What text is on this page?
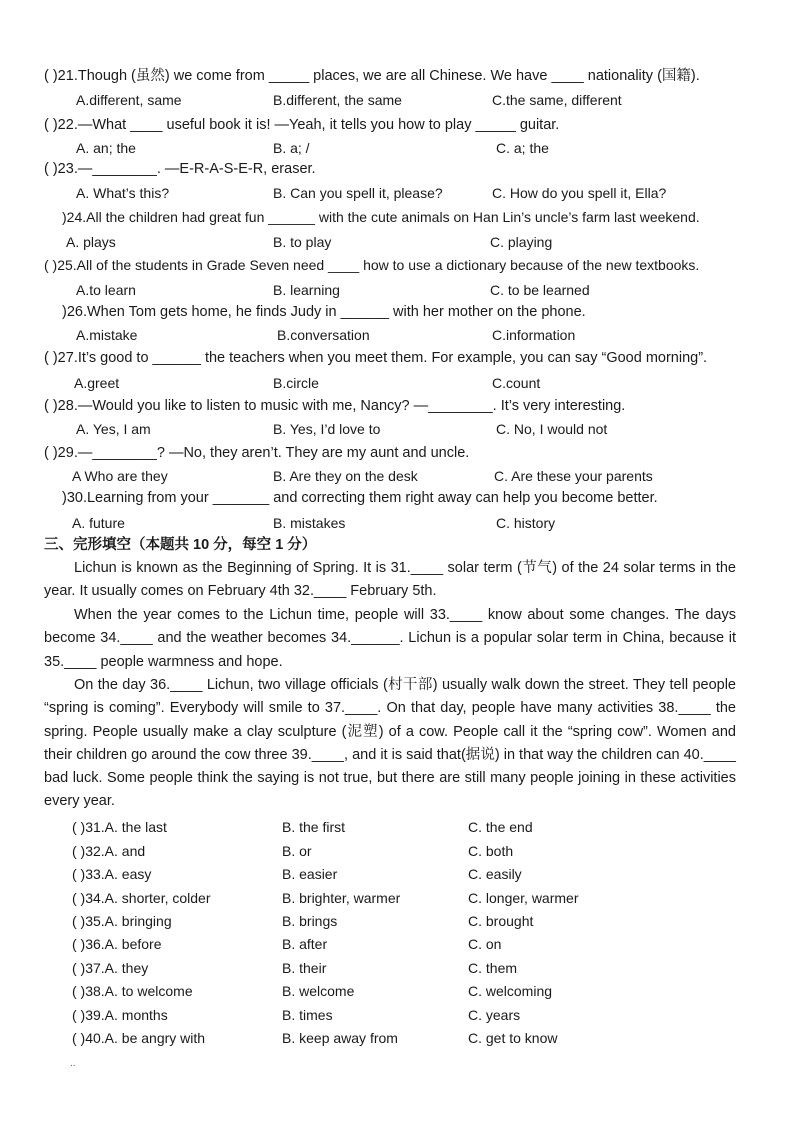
( )21.Though (虽然) we come from _____ places, we are all Chinese. We have ____ nationality (国籍).
A.different, same	B.different, the same	C.the same, different
( )22.—What ____ useful book it is! —Yeah, it tells you how to play _____ guitar.
A. an; the	B. a; /	C. a; the
( )23.—________. —E-R-A-S-E-R, eraser.
A. What’s this?	B. Can you spell it, please?	C. How do you spell it, Ella?
)24.All the children had great fun ______ with the cute animals on Han Lin’s uncle’s farm last weekend.
A. plays	B. to play	C. playing
( )25.All of the students in Grade Seven need ____ how to use a dictionary because of the new textbooks.
A.to learn	B. learning	C. to be learned
)26.When Tom gets home, he finds Judy in ______ with her mother on the phone.
A.mistake	B.conversation	C.information
( )27.It’s good to ______ the teachers when you meet them. For example, you can say “Good morning”.
A.greet	B.circle	C.count
( )28.—Would you like to listen to music with me, Nancy? —________. It’s very interesting.
A. Yes, I am	B. Yes, I’d love to	C. No, I would not
( )29.—________? —No, they aren’t. They are my aunt and uncle.
A Who are they	B. Are they on the desk	C. Are these your parents
)30.Learning from your _______ and correcting them right away can help you become better.
A. future	B. mistakes	C. history
三、完形填空（本题共 10 分，每空 1 分）
Lichun is known as the Beginning of Spring. It is 31.____ solar term (节气) of the 24 solar terms in the year. It usually comes on February 4th 32.____ February 5th.
When the year comes to the Lichun time, people will 33.____ know about some changes. The days become 34.____ and the weather becomes 34.______. Lichun is a popular solar term in China, because it 35.____ people warmness and hope.
On the day 36.____ Lichun, two village officials (村干部) usually walk down the street. They tell people “spring is coming”. Everybody will smile to 37.____. On that day, people have many activities 38.____ the spring. People usually make a clay sculpture (泥塑) of a cow. People call it the “spring cow”. Women and their children go around the cow three 39.____, and it is said that(据说) in that way the children can 40.____ bad luck. Some people think the saying is not true, but there are still many people joining in these activities every year.
( )31.A. the last	B. the first	C. the end
( )32.A. and	B. or	C. both
( )33.A. easy	B. easier	C. easily
( )34.A. shorter, colder	B. brighter, warmer	C. longer, warmer
( )35.A. bringing	B. brings	C. brought
( )36.A. before	B. after	C. on
( )37.A. they	B. their	C. them
( )38.A. to welcome	B. welcome	C. welcoming
( )39.A. months	B. times	C. years
( )40.A. be angry with	B. keep away from	C. get to know
..
